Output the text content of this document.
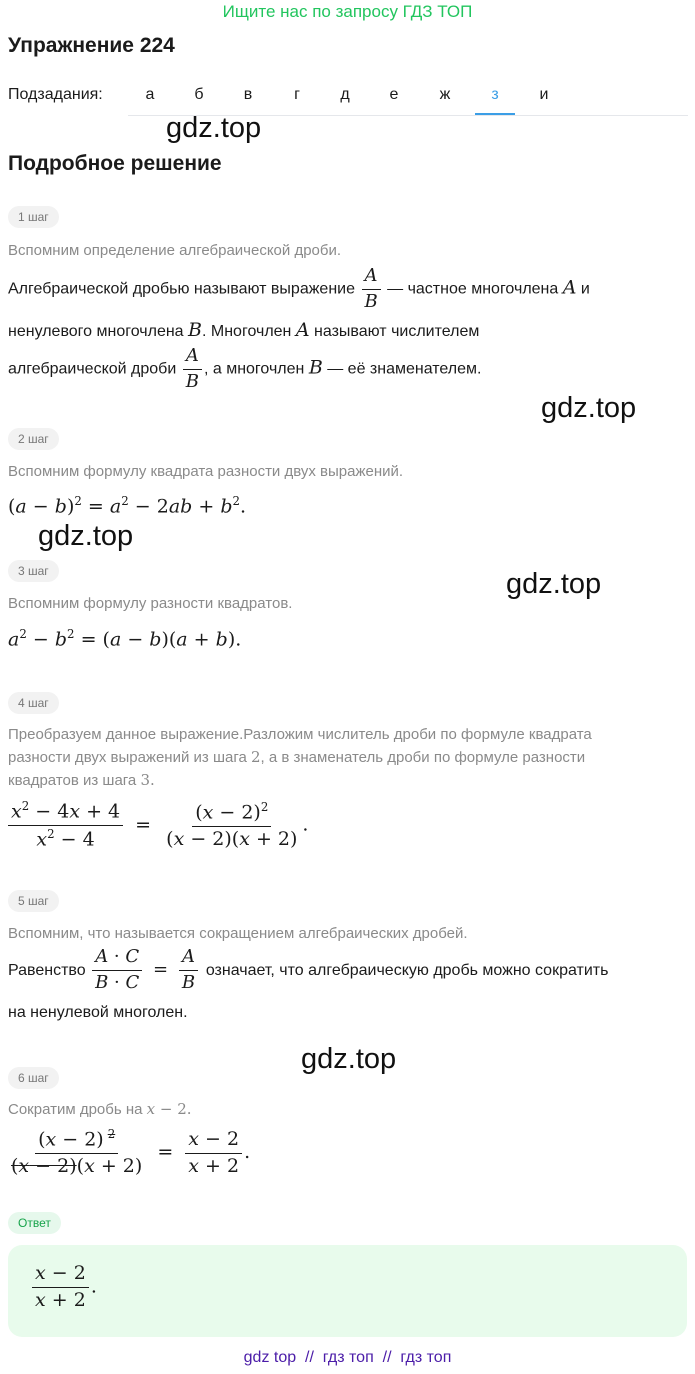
Ищите нас по запросу ГДЗ ТОП
Упражнение 224
Подзадания:	а	б	в	г	д	е	ж	з	и
gdz.top
gdz.top
gdz.top
gdz.top
gdz.top
Подробное решение
1 шаг
Вспомним определение алгебраической дроби.
Алгебраической дробью называют выражение $\frac{A}{B}$ — частное многочлена A и
ненулевого многочлена B. Многочлен A называют числителем
алгебраической дроби $\frac{A}{B}$ , а многочлен B — её знаменателем.
2 шаг
Вспомним формулу квадрата разности двух выражений.
$(a - b)^2 = a^2 - 2ab + b^2$.
3 шаг
Вспомним формулу разности квадратов.
$a^2 - b^2 = (a - b)(a + b)$.
4 шаг
Преобразуем данное выражение.Разложим числитель дроби по формуле квадрата
разности двух выражений из шага 2, а в знаменатель дроби по формуле разности
квадратов из шага 3.
$\frac{x^2 - 4x + 4}{x^2 - 4} = \frac{(x - 2)^2}{(x - 2)(x + 2)}$ .
5 шаг
Вспомним, что называется сокращением алгебраических дробей.
Равенство $\frac{A \cdot C}{B \cdot C} = \frac{A}{B}$ означает, что алгебраическую дробь можно сократить
на ненулевой многолен.
6 шаг
Сократим дробь на x − 2.
$\frac{(x - 2) ^2}{(x - 2)(x + 2)} = \frac{x - 2}{x + 2}$ .
Ответ
$\frac{x - 2}{x + 2}$ .
gdz top  //  гдз топ  //  гдз топ
